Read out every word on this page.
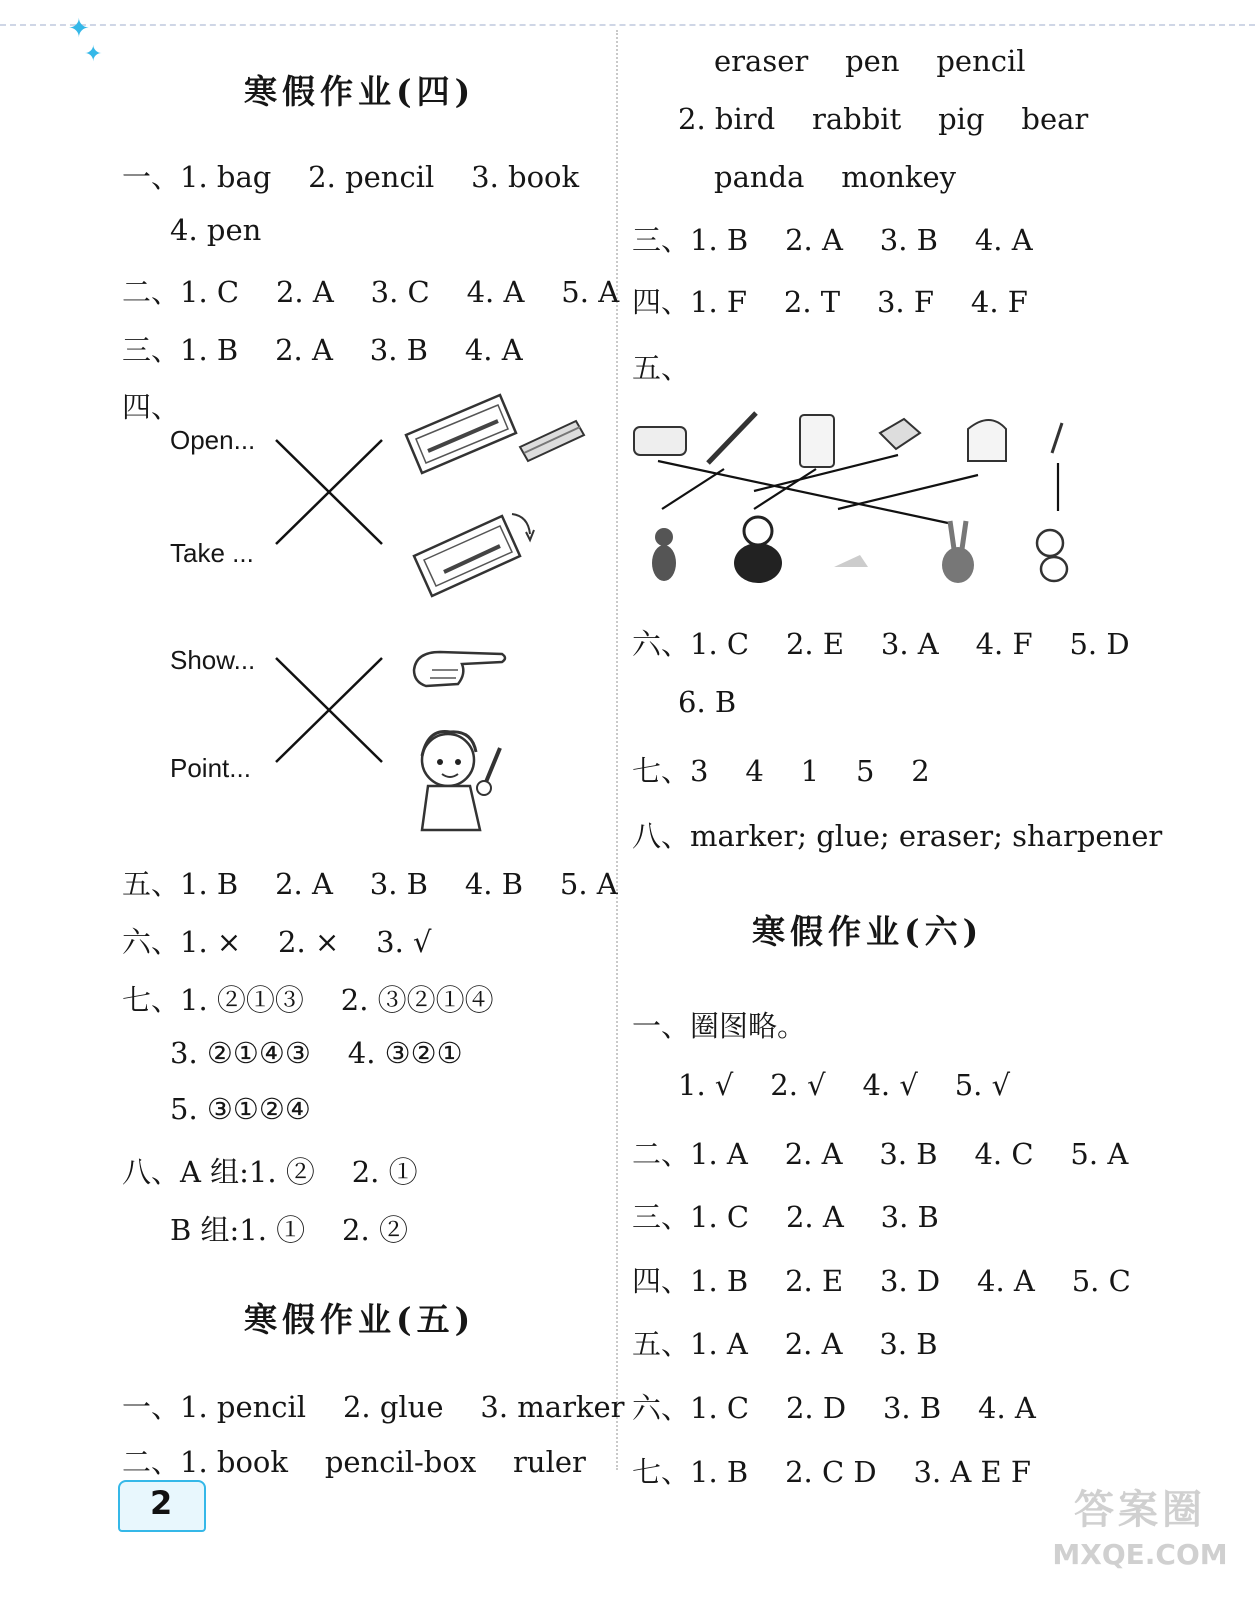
✦
✦
寒假作业(四)
一、1. bag    2. pencil    3. book
4. pen
二、1. C    2. A    3. C    4. A    5. A
三、1. B    2. A    3. B    4. A
四、
Open...
Take ...
Show...
Point...
五、1. B    2. A    3. B    4. B    5. A
六、1. ×    2. ×    3. √
七、1. ②①③    2. ③②①④
3. ②①④③    4. ③②①
5. ③①②④
八、A 组:1. ②    2. ①
B 组:1. ①    2. ②
寒假作业(五)
一、1. pencil    2. glue    3. marker
二、1. book    pencil-box    ruler
eraser    pen    pencil
2. bird    rabbit    pig    bear
panda    monkey
三、1. B    2. A    3. B    4. A
四、1. F    2. T    3. F    4. F
五、
六、1. C    2. E    3. A    4. F    5. D
6. B
七、3    4    1    5    2
八、marker; glue; eraser; sharpener
寒假作业(六)
一、圈图略。
1. √    2. √    4. √    5. √
二、1. A    2. A    3. B    4. C    5. A
三、1. C    2. A    3. B
四、1. B    2. E    3. D    4. A    5. C
五、1. A    2. A    3. B
六、1. C    2. D    3. B    4. A
七、1. B    2. C D    3. A E F
2	答案圈
MXQE.COM
